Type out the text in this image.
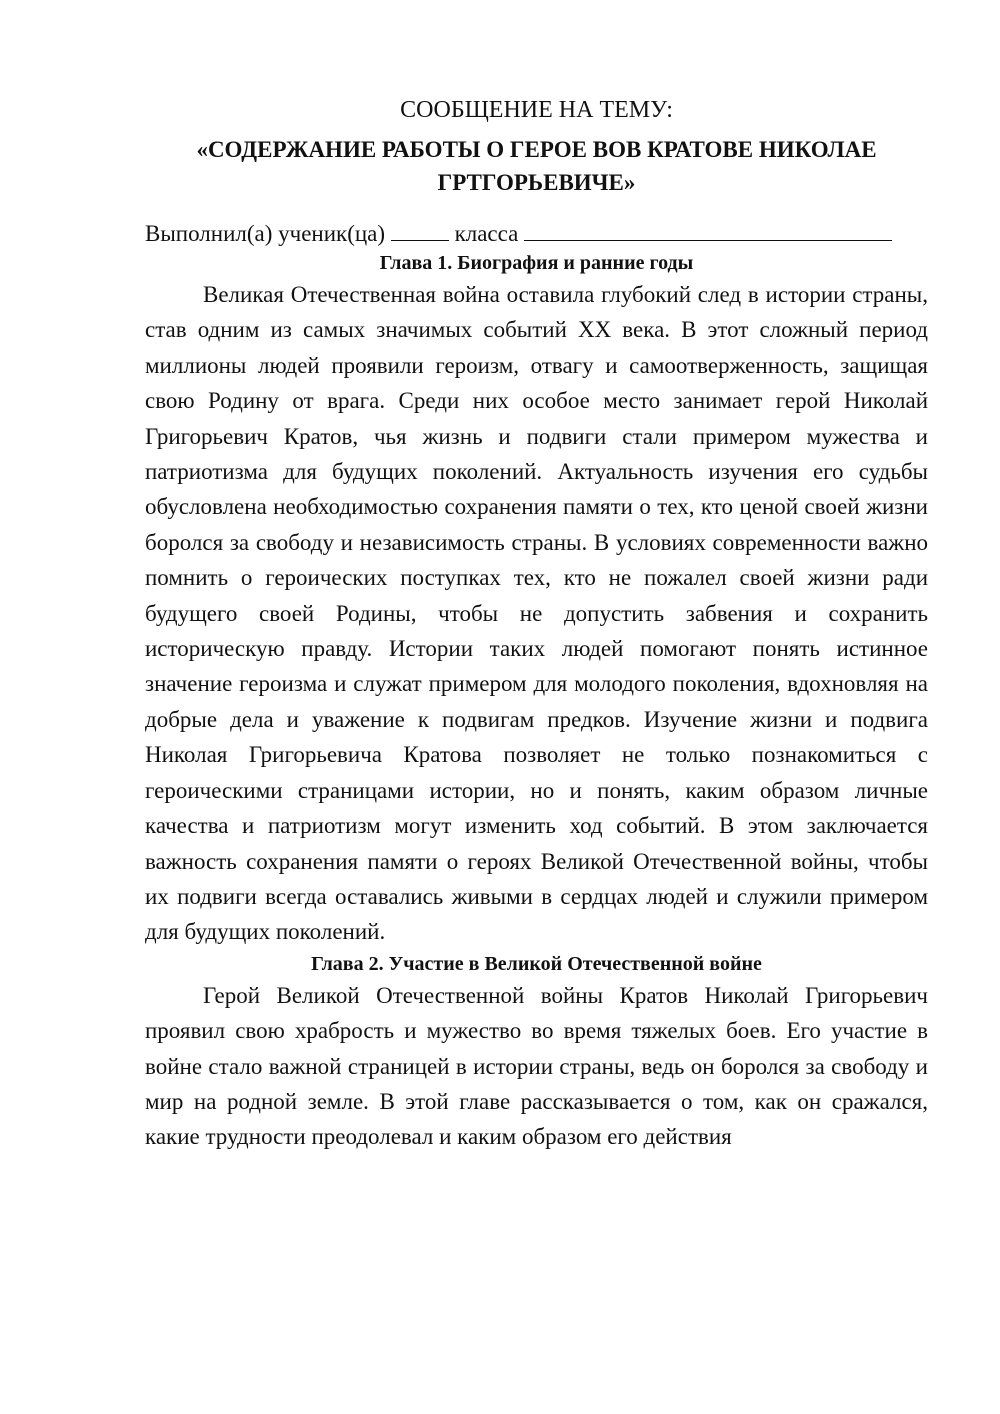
СООБЩЕНИЕ НА ТЕМУ:
«СОДЕРЖАНИЕ РАБОТЫ О ГЕРОЕ ВОВ КРАТОВЕ НИКОЛАЕ
ГРТГОРЬЕВИЧЕ»
Выполнил(а) ученик(ца)	класса
Глава 1. Биография и ранние годы

Великая Отечественная война оставила глубокий след в истории страны, став одним из самых значимых событий XX века. В этот сложный период миллионы людей проявили героизм, отвагу и самоотверженность, защищая свою Родину от врага. Среди них особое место занимает герой Николай Григорьевич Кратов, чья жизнь и подвиги стали примером мужества и патриотизма для будущих поколений. Актуальность изучения его судьбы обусловлена необходимостью сохранения памяти о тех, кто ценой своей жизни боролся за свободу и независимость страны. В условиях современности важно помнить о героических поступках тех, кто не пожалел своей жизни ради будущего своей Родины, чтобы не допустить забвения и сохранить историческую правду. Истории таких людей помогают понять истинное значение героизма и служат примером для молодого поколения, вдохновляя на добрые дела и уважение к подвигам предков. Изучение жизни и подвига Николая Григорьевича Кратова позволяет не только познакомиться с героическими страницами истории, но и понять, каким образом личные качества и патриотизм могут изменить ход событий. В этом заключается важность сохранения памяти о героях Великой Отечественной войны, чтобы их подвиги всегда оставались живыми в сердцах людей и служили примером для будущих поколений.

Глава 2. Участие в Великой Отечественной войне

Герой Великой Отечественной войны Кратов Николай Григорьевич проявил свою храбрость и мужество во время тяжелых боев. Его участие в войне стало важной страницей в истории страны, ведь он боролся за свободу и мир на родной земле. В этой главе рассказывается о том, как он сражался, какие трудности преодолевал и каким образом его действия
